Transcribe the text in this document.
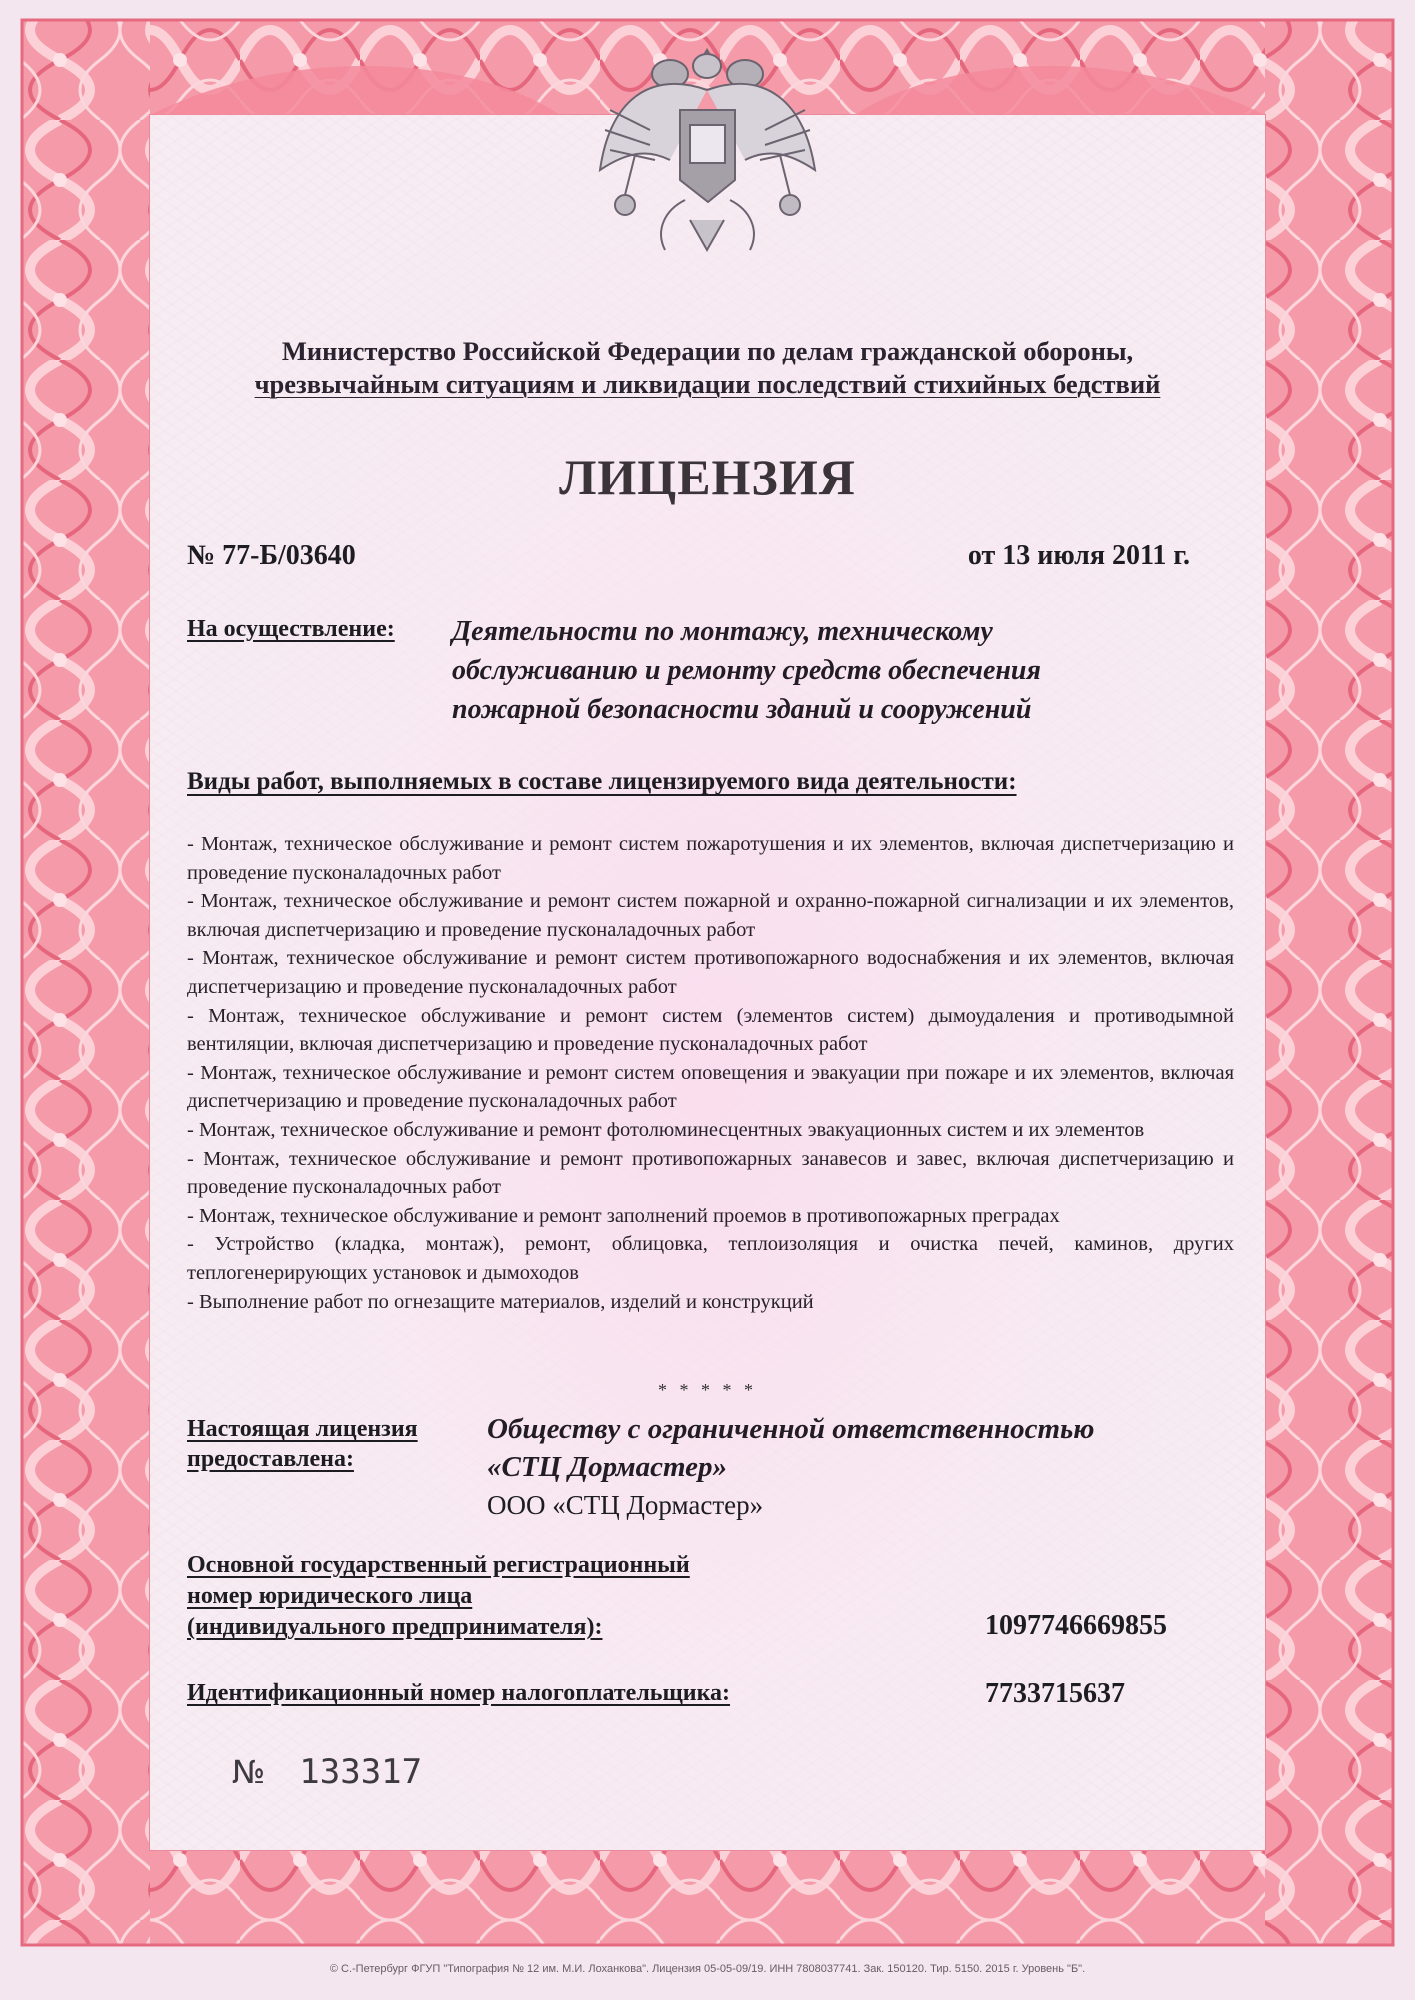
Министерство Российской Федерации по делам гражданской обороны,
чрезвычайным ситуациям и ликвидации последствий стихийных бедствий
ЛИЦЕНЗИЯ
№ 77-Б/03640	от 13 июля 2011 г.
На осуществление: Деятельности по монтажу, техническому
обслуживанию и ремонту средств обеспечения
пожарной безопасности зданий и сооружений
Виды работ, выполняемых в составе лицензируемого вида деятельности:
- Монтаж, техническое обслуживание и ремонт систем пожаротушения и их элементов, включая диспетчеризацию и проведение пусконаладочных работ
- Монтаж, техническое обслуживание и ремонт систем пожарной и охранно-пожарной сигнализации и их элементов, включая диспетчеризацию и проведение пусконаладочных работ
- Монтаж, техническое обслуживание и ремонт систем противопожарного водоснабжения и их элементов, включая диспетчеризацию и проведение пусконаладочных работ
- Монтаж, техническое обслуживание и ремонт систем (элементов систем) дымоудаления и противодымной вентиляции, включая диспетчеризацию и проведение пусконаладочных работ
- Монтаж, техническое обслуживание и ремонт систем оповещения и эвакуации при пожаре и их элементов, включая диспетчеризацию и проведение пусконаладочных работ
- Монтаж, техническое обслуживание и ремонт фотолюминесцентных эвакуационных систем и их элементов
- Монтаж, техническое обслуживание и ремонт противопожарных занавесов и завес, включая диспетчеризацию и проведение пусконаладочных работ
- Монтаж, техническое обслуживание и ремонт заполнений проемов в противопожарных преградах
- Устройство (кладка, монтаж), ремонт, облицовка, теплоизоляция и очистка печей, каминов, других теплогенерирующих установок и дымоходов
- Выполнение работ по огнезащите материалов, изделий и конструкций
* * * * *
Настоящая лицензия
предоставлена:
Обществу с ограниченной ответственностью
«СТЦ Дормастер»
ООО «СТЦ Дормастер»
Основной государственный регистрационный
номер юридического лица
(индивидуального предпринимателя):	1097746669855
Идентификационный номер налогоплательщика:	7733715637
№ 133317
© С.-Петербург ФГУП "Типография № 12 им. М.И. Лоханкова". Лицензия 05-05-09/19. ИНН 7808037741. Зак. 150120. Тир. 5150. 2015 г. Уровень "Б".
